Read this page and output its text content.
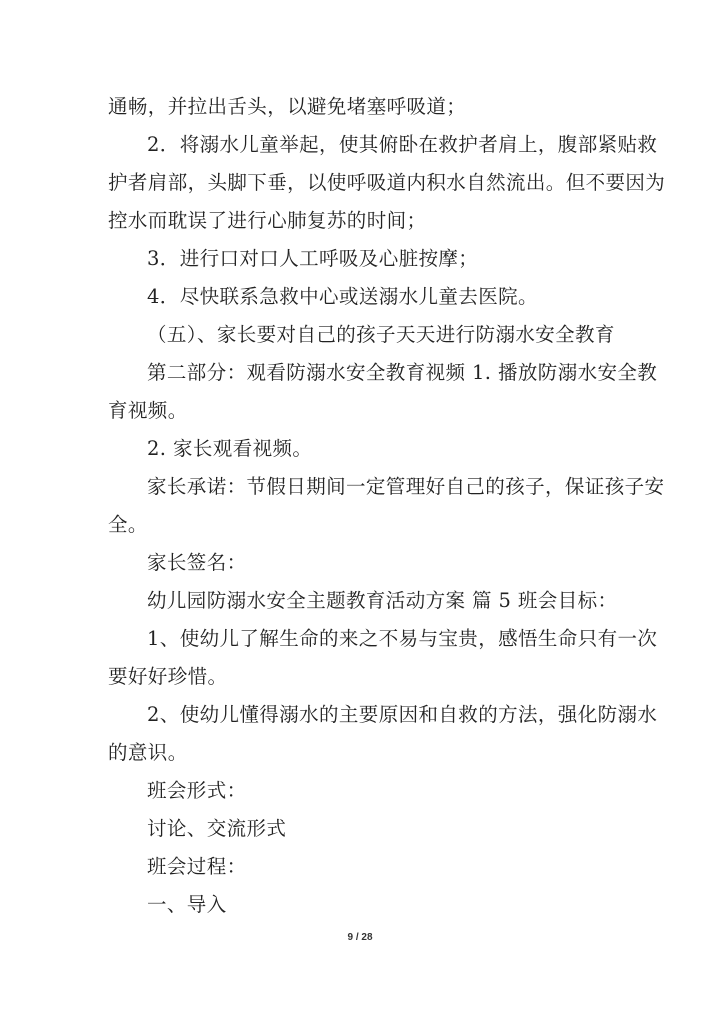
通畅，并拉出舌头，以避免堵塞呼吸道；
2．将溺水儿童举起，使其俯卧在救护者肩上，腹部紧贴救
护者肩部，头脚下垂，以使呼吸道内积水自然流出。但不要因为
控水而耽误了进行心肺复苏的时间；
3．进行口对口人工呼吸及心脏按摩；
4．尽快联系急救中心或送溺水儿童去医院。
（五）、家长要对自己的孩子天天进行防溺水安全教育
第二部分：观看防溺水安全教育视频 1. 播放防溺水安全教
育视频。
2. 家长观看视频。
家长承诺：节假日期间一定管理好自己的孩子，保证孩子安
全。
家长签名：
幼儿园防溺水安全主题教育活动方案 篇 5 班会目标：
1、使幼儿了解生命的来之不易与宝贵，感悟生命只有一次
要好好珍惜。
2、使幼儿懂得溺水的主要原因和自救的方法，强化防溺水
的意识。
班会形式：
讨论、交流形式
班会过程：
一、导入
9 / 28
